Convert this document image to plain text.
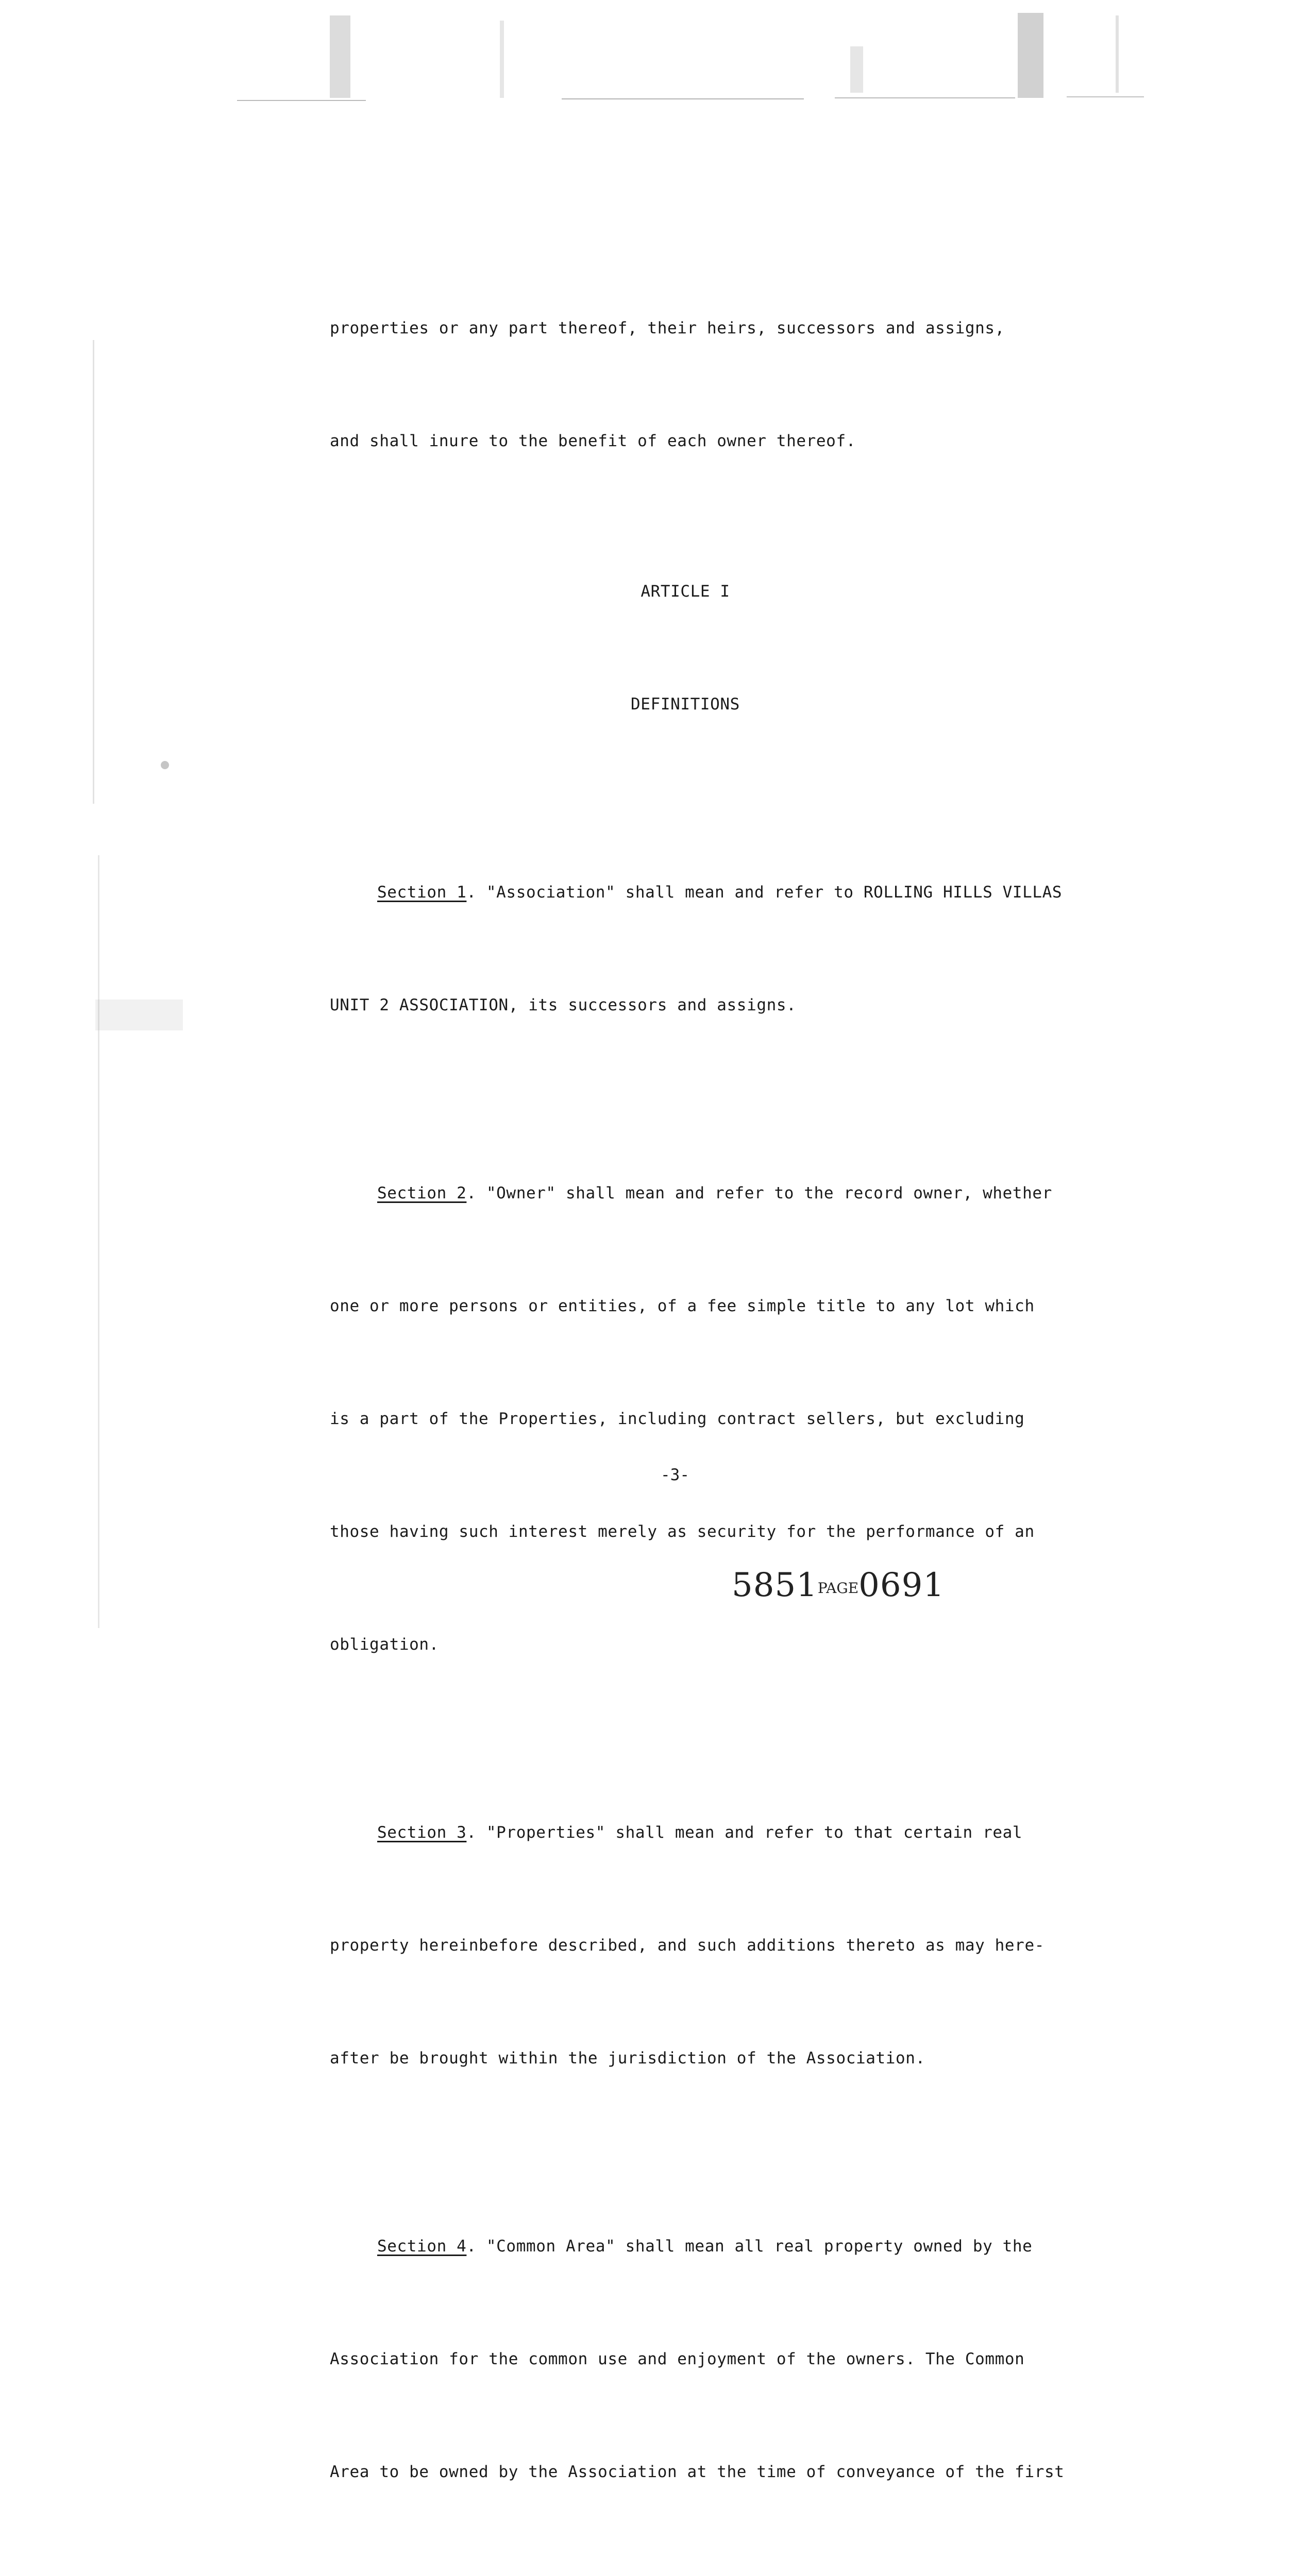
properties or any part thereof, their heirs, successors and assigns,

and shall inure to the benefit of each owner thereof.

ARTICLE I

DEFINITIONS

Section 1. "Association" shall mean and refer to ROLLING HILLS VILLAS

UNIT 2 ASSOCIATION, its successors and assigns.

Section 2. "Owner" shall mean and refer to the record owner, whether

one or more persons or entities, of a fee simple title to any lot which

is a part of the Properties, including contract sellers, but excluding

those having such interest merely as security for the performance of an

obligation.

Section 3. "Properties" shall mean and refer to that certain real

property hereinbefore described, and such additions thereto as may here-

after be brought within the jurisdiction of the Association.

Section 4. "Common Area" shall mean all real property owned by the

Association for the common use and enjoyment of the owners. The Common

Area to be owned by the Association at the time of conveyance of the first

-3-
5851PAGE0691
